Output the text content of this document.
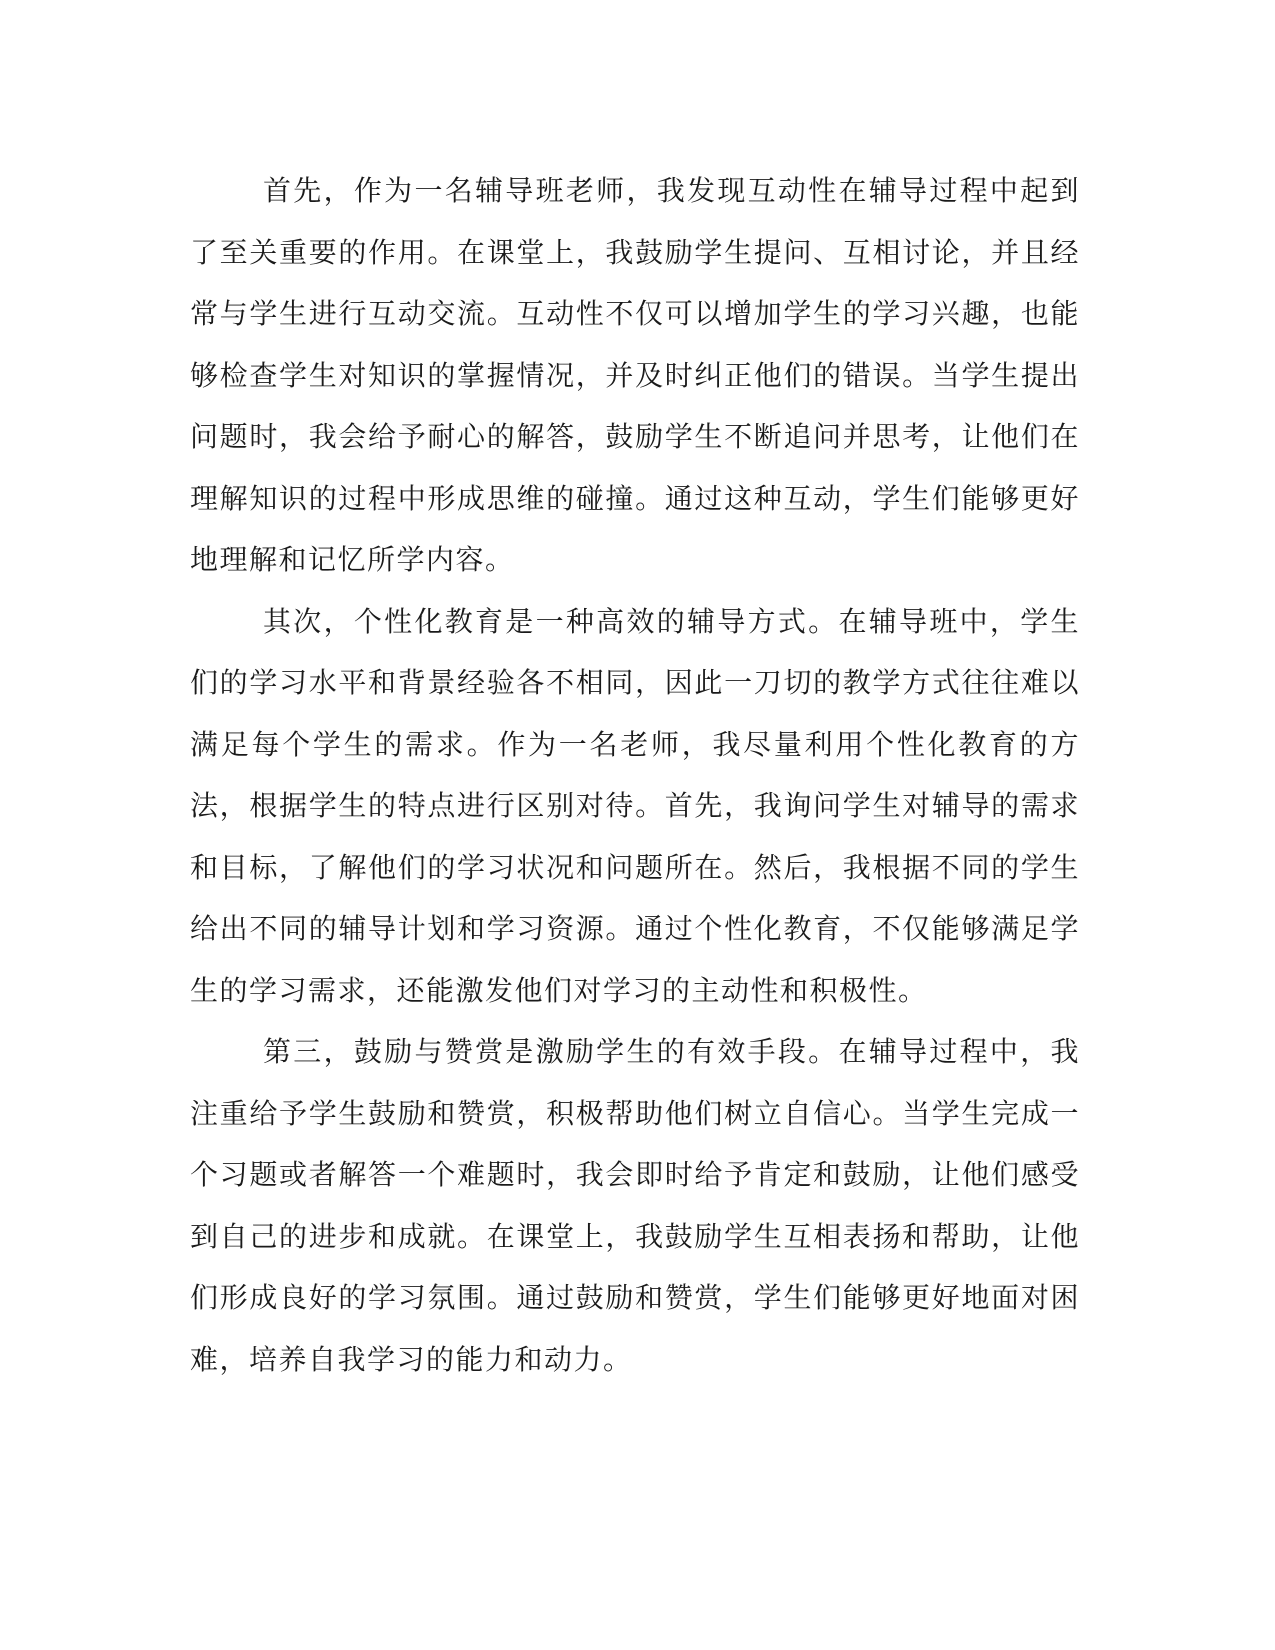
首先，作为一名辅导班老师，我发现互动性在辅导过程中起到了至关重要的作用。在课堂上，我鼓励学生提问、互相讨论，并且经常与学生进行互动交流。互动性不仅可以增加学生的学习兴趣，也能够检查学生对知识的掌握情况，并及时纠正他们的错误。当学生提出问题时，我会给予耐心的解答，鼓励学生不断追问并思考，让他们在理解知识的过程中形成思维的碰撞。通过这种互动，学生们能够更好地理解和记忆所学内容。

其次，个性化教育是一种高效的辅导方式。在辅导班中，学生们的学习水平和背景经验各不相同，因此一刀切的教学方式往往难以满足每个学生的需求。作为一名老师，我尽量利用个性化教育的方法，根据学生的特点进行区别对待。首先，我询问学生对辅导的需求和目标，了解他们的学习状况和问题所在。然后，我根据不同的学生给出不同的辅导计划和学习资源。通过个性化教育，不仅能够满足学生的学习需求，还能激发他们对学习的主动性和积极性。

第三，鼓励与赞赏是激励学生的有效手段。在辅导过程中，我注重给予学生鼓励和赞赏，积极帮助他们树立自信心。当学生完成一个习题或者解答一个难题时，我会即时给予肯定和鼓励，让他们感受到自己的进步和成就。在课堂上，我鼓励学生互相表扬和帮助，让他们形成良好的学习氛围。通过鼓励和赞赏，学生们能够更好地面对困难，培养自我学习的能力和动力。
